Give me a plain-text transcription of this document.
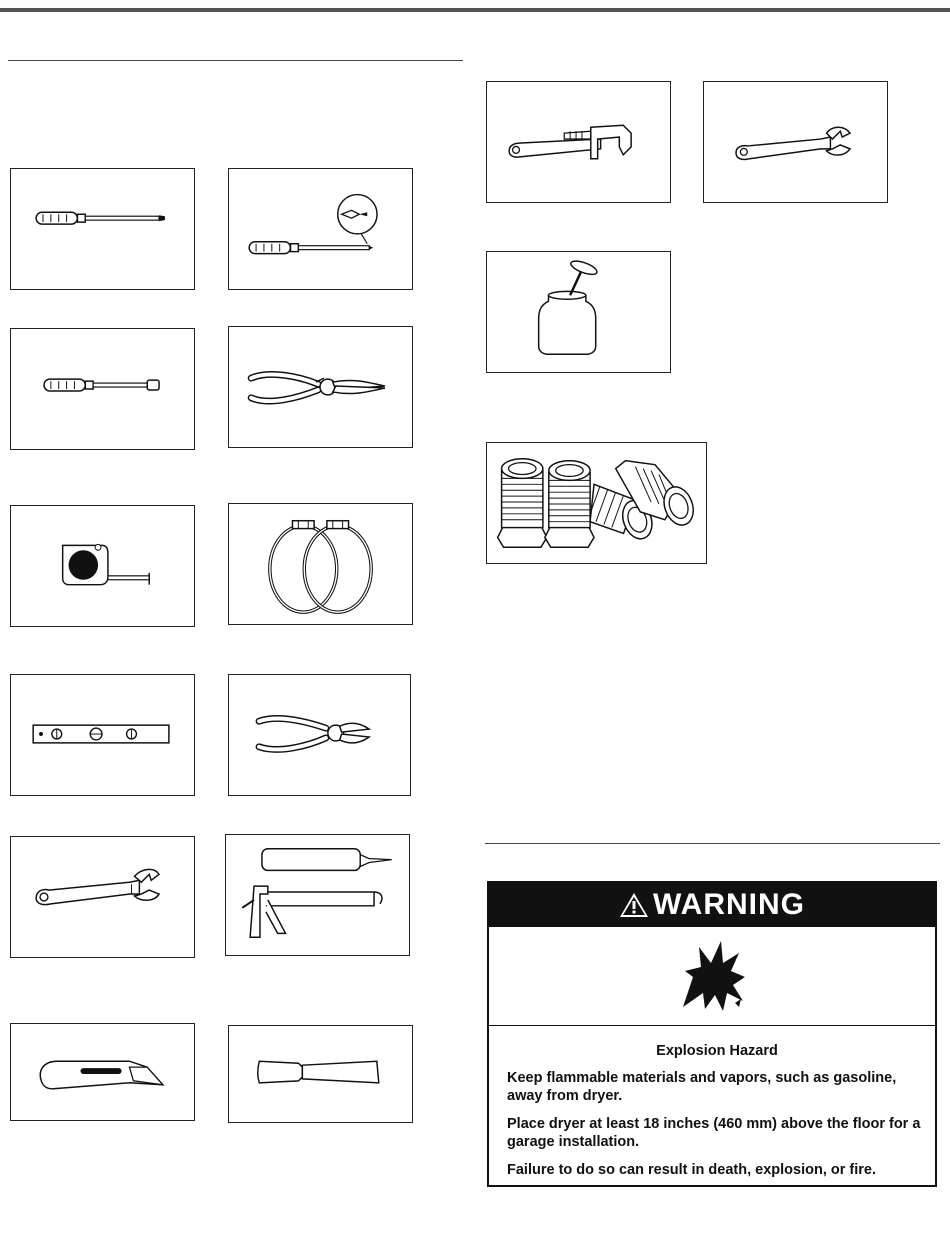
WARNING
Explosion Hazard
Keep flammable materials and vapors, such as gasoline, away from dryer.
Place dryer at least 18 inches (460 mm) above the floor for a garage installation.
Failure to do so can result in death, explosion, or fire.
